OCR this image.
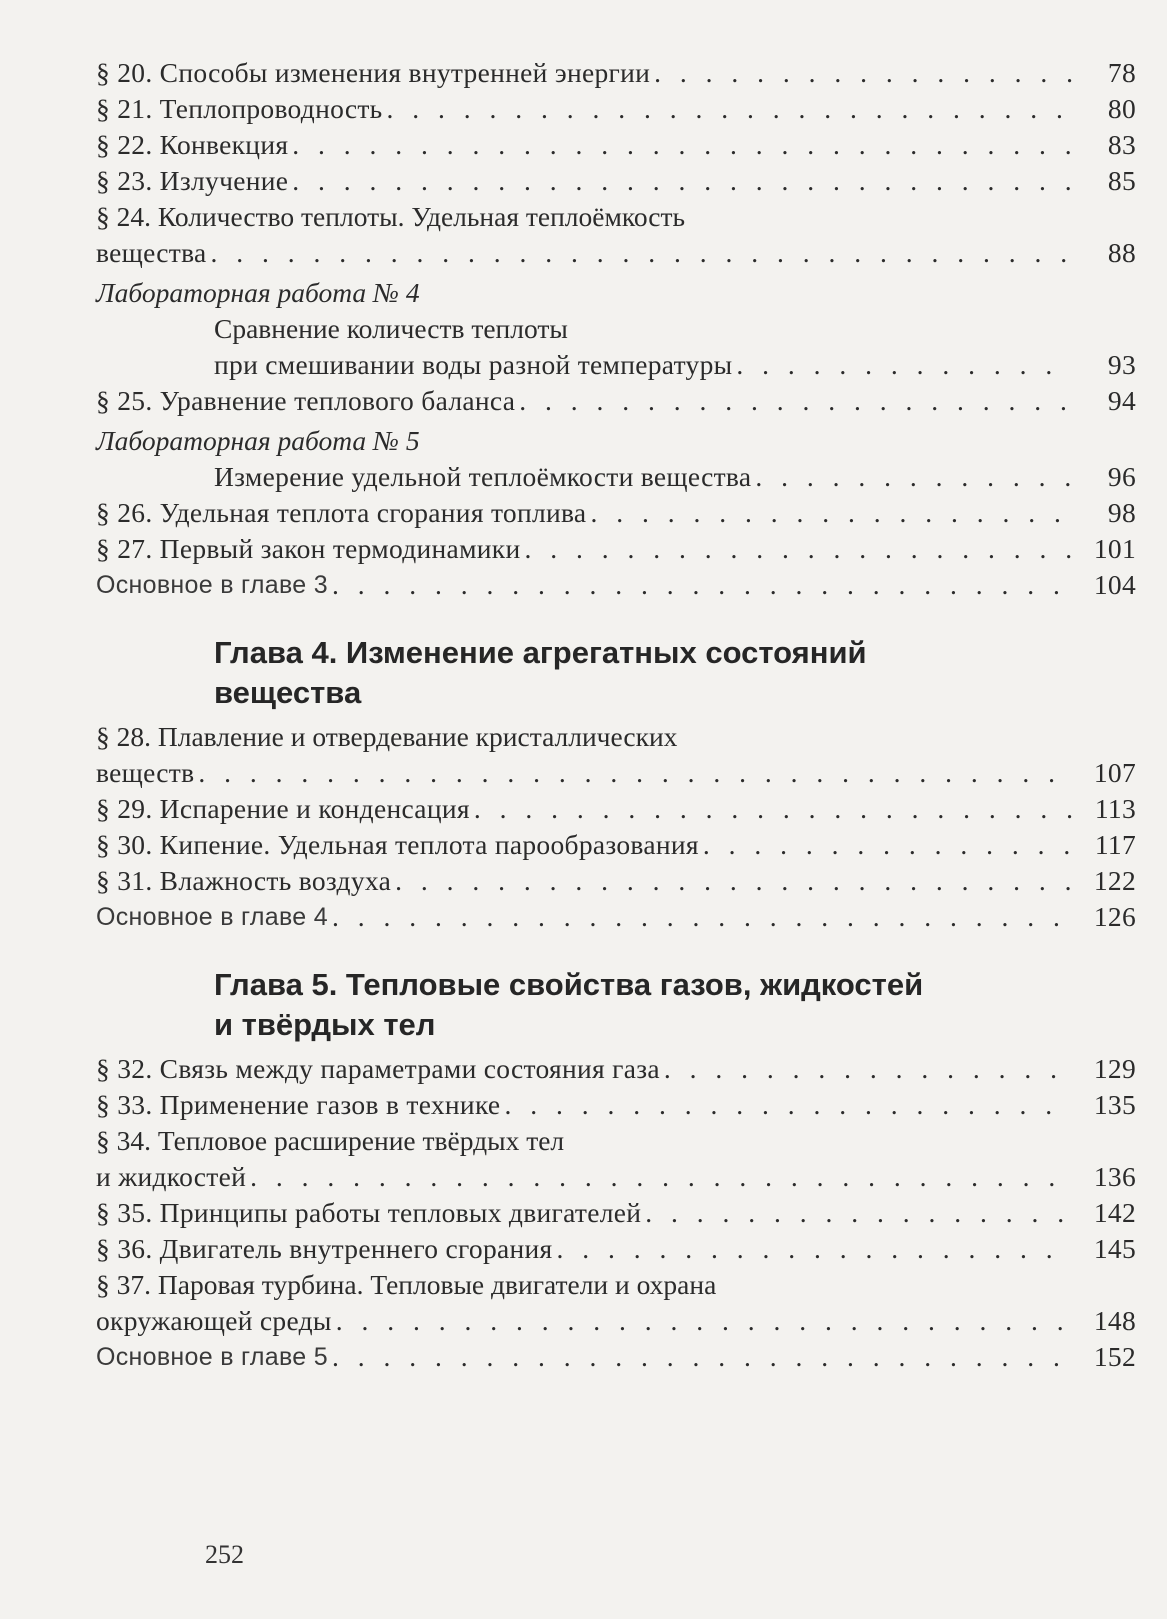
§ 20. Способы изменения внутренней энергии . . .	78
§ 21. Теплопроводность . . .	80
§ 22. Конвекция . . .	83
§ 23. Излучение . . .	85
§ 24. Количество теплоты. Удельная теплоёмкость
вещества . . .	88
Лабораторная работа № 4
Сравнение количеств теплоты
при смешивании воды разной температуры . . .	93
§ 25. Уравнение теплового баланса . . .	94
Лабораторная работа № 5
Измерение удельной теплоёмкости вещества . . .	96
§ 26. Удельная теплота сгорания топлива . . .	98
§ 27. Первый закон термодинамики . . .	101
Основное в главе 3 . . .	104
Глава 4. Изменение агрегатных состояний
вещества
§ 28. Плавление и отвердевание кристаллических
веществ . . .	107
§ 29. Испарение и конденсация . . .	113
§ 30. Кипение. Удельная теплота парообразования . . .	117
§ 31. Влажность воздуха . . .	122
Основное в главе 4 . . .	126
Глава 5. Тепловые свойства газов, жидкостей
и твёрдых тел
§ 32. Связь между параметрами состояния газа . . .	129
§ 33. Применение газов в технике . . .	135
§ 34. Тепловое расширение твёрдых тел
и жидкостей . . .	136
§ 35. Принципы работы тепловых двигателей . . .	142
§ 36. Двигатель внутреннего сгорания . . .	145
§ 37. Паровая турбина. Тепловые двигатели и охрана
окружающей среды . . .	148
Основное в главе 5 . . .	152
252
